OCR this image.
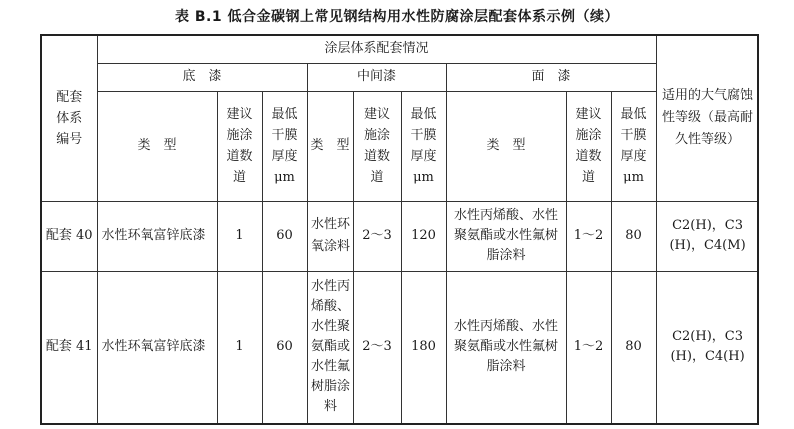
表 B.1 低合金碳钢上常见钢结构用水性防腐涂层配套体系示例（续）
配套体系编号	涂层体系配套情况									适用的大气腐蚀性等级（最高耐久性等级）
	底　漆			中间漆			面　漆			
	类　型	建议施涂道数道	最低干膜厚度μm	类　型	建议施涂道数道	最低干膜厚度μm	类　型	建议施涂道数道	最低干膜厚度μm	
配套 40	水性环氧富锌底漆	1	60	水性环氧涂料	2～3	120	水性丙烯酸、水性聚氨酯或水性氟树脂涂料	1～2	80	C2(H)，C3(H)，C4(M)
配套 41	水性环氧富锌底漆	1	60	水性丙烯酸、水性聚氨酯或水性氟树脂涂料	2～3	180	水性丙烯酸、水性聚氨酯或水性氟树脂涂料	1～2	80	C2(H)，C3(H)，C4(H)
